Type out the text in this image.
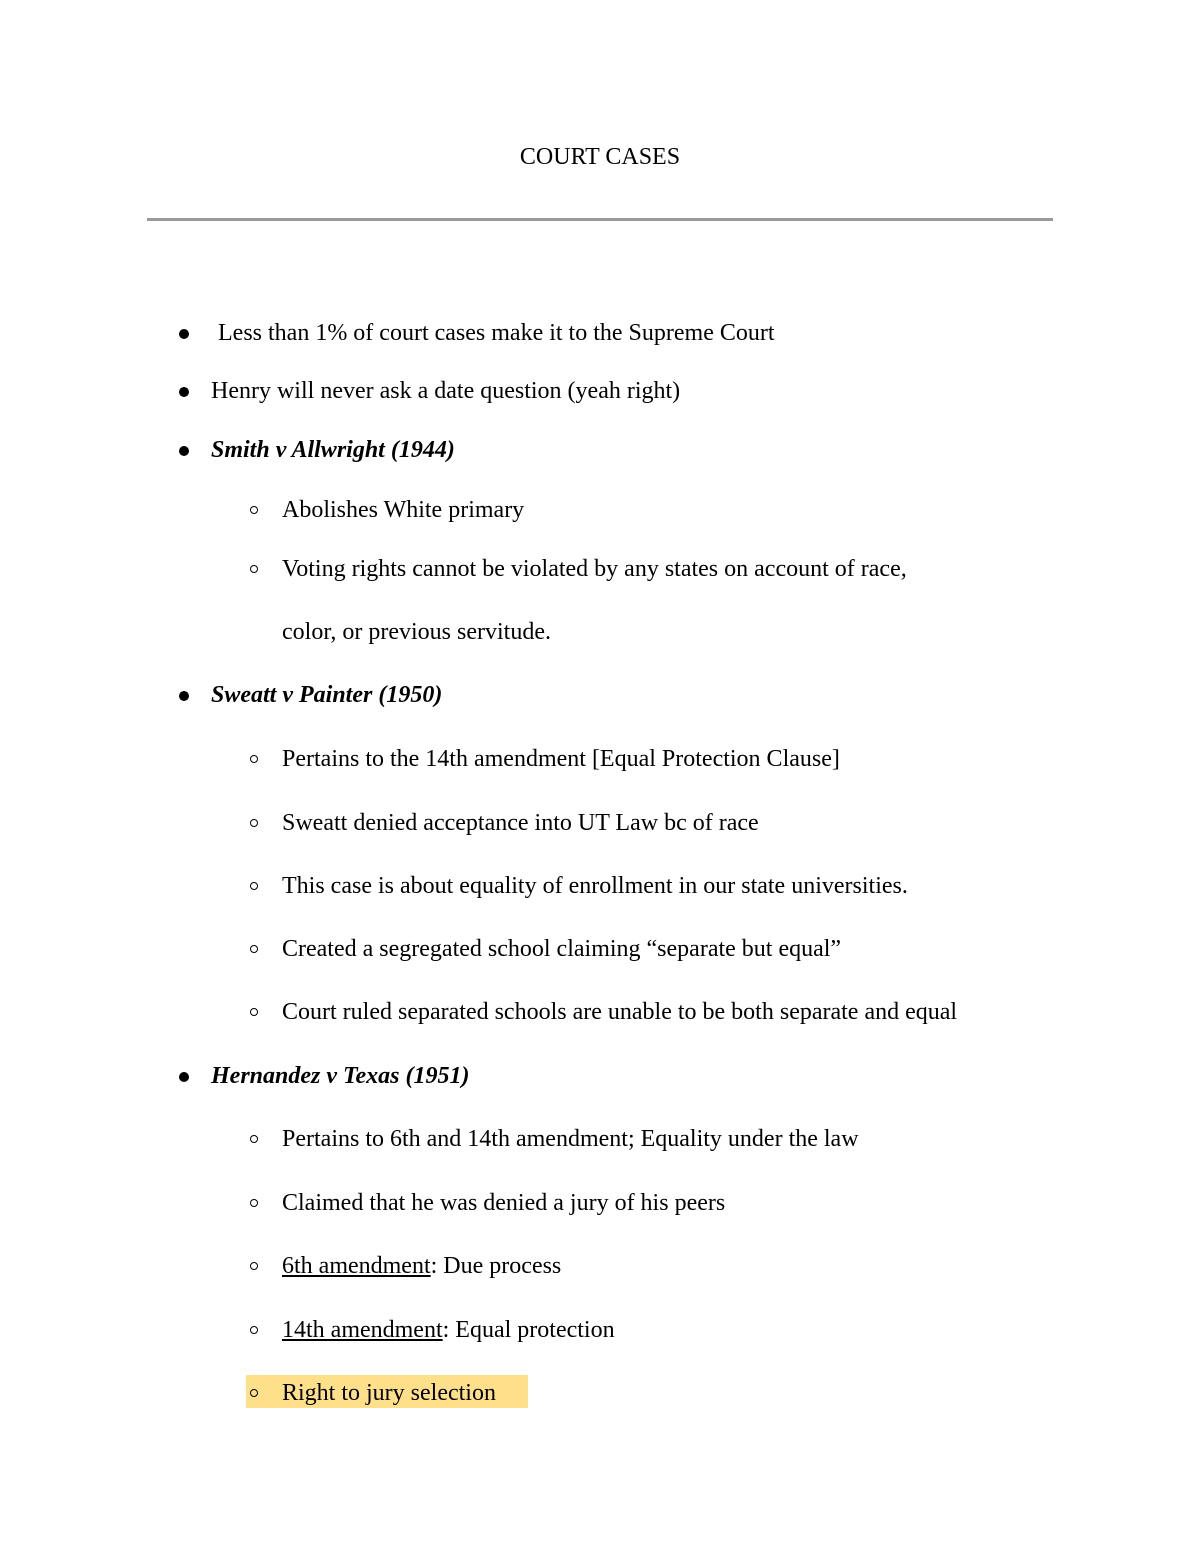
COURT CASES
Less than 1% of court cases make it to the Supreme Court
Henry will never ask a date question (yeah right)
Smith v Allwright (1944)
Abolishes White primary
Voting rights cannot be violated by any states on account of race,
color, or previous servitude.
Sweatt v Painter (1950)
Pertains to the 14th amendment [Equal Protection Clause]
Sweatt denied acceptance into UT Law bc of race
This case is about equality of enrollment in our state universities.
Created a segregated school claiming “separate but equal”
Court ruled separated schools are unable to be both separate and equal
Hernandez v Texas (1951)
Pertains to 6th and 14th amendment; Equality under the law
Claimed that he was denied a jury of his peers
6th amendment: Due process
14th amendment: Equal protection
Right to jury selection
